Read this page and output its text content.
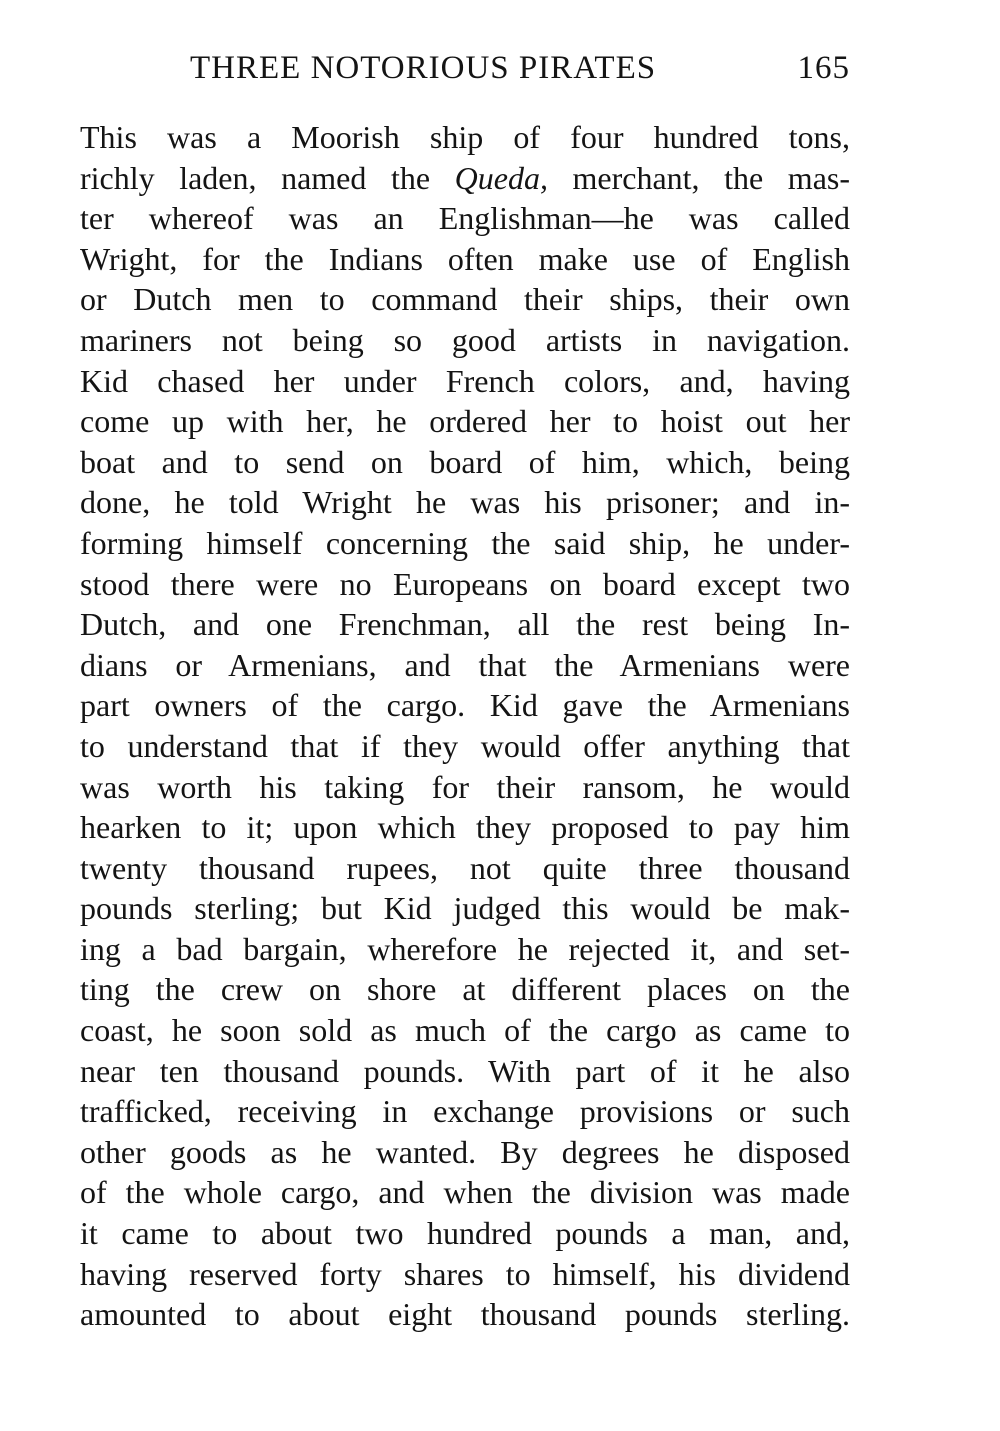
THREE NOTORIOUS PIRATES	165
This was a Moorish ship of four hundred tons,
richly laden, named the Queda, merchant, the mas-
ter whereof was an Englishman—he was called
Wright, for the Indians often make use of English
or Dutch men to command their ships, their own
mariners not being so good artists in navigation.
Kid chased her under French colors, and, having
come up with her, he ordered her to hoist out her
boat and to send on board of him, which, being
done, he told Wright he was his prisoner; and in-
forming himself concerning the said ship, he under-
stood there were no Europeans on board except two
Dutch, and one Frenchman, all the rest being In-
dians or Armenians, and that the Armenians were
part owners of the cargo. Kid gave the Armenians
to understand that if they would offer anything that
was worth his taking for their ransom, he would
hearken to it; upon which they proposed to pay him
twenty thousand rupees, not quite three thousand
pounds sterling; but Kid judged this would be mak-
ing a bad bargain, wherefore he rejected it, and set-
ting the crew on shore at different places on the
coast, he soon sold as much of the cargo as came to
near ten thousand pounds. With part of it he also
trafficked, receiving in exchange provisions or such
other goods as he wanted. By degrees he disposed
of the whole cargo, and when the division was made
it came to about two hundred pounds a man, and,
having reserved forty shares to himself, his dividend
amounted to about eight thousand pounds sterling.
